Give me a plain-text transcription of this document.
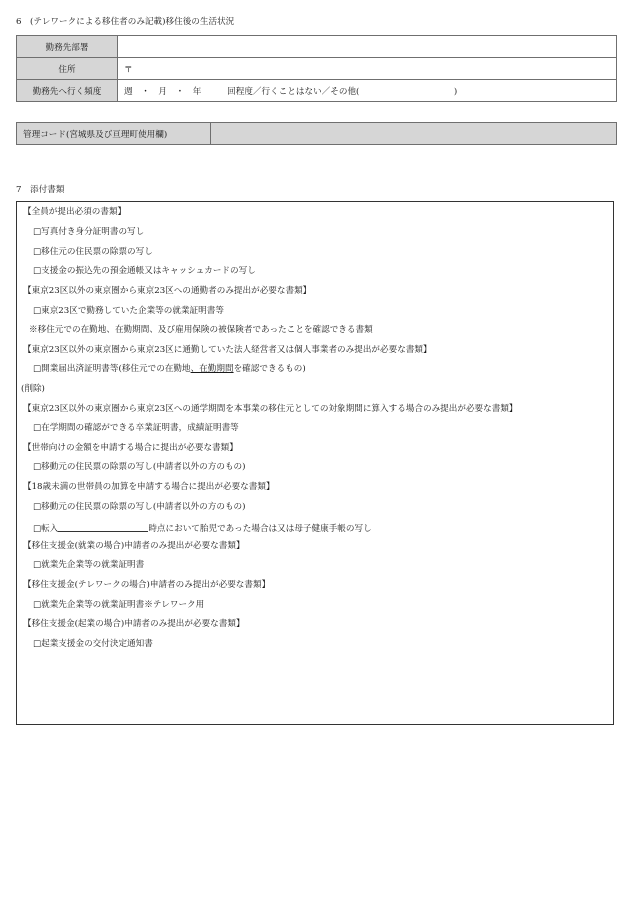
6　(テレワークによる移住者のみ記載)移住後の生活状況
勤務先部署	
住所	〒
勤務先へ行く頻度	週　・　月　・　年　　　回程度／行くことはない／その他(　　　　　　　　　　　)
管理コード(宮城県及び亘理町使用欄)	
7　添付書類
【全員が提出必須の書類】
□写真付き身分証明書の写し
□移住元の住民票の除票の写し
□支援金の振込先の預金通帳又はキャッシュカードの写し
【東京23区以外の東京圏から東京23区への通勤者のみ提出が必要な書類】
□東京23区で勤務していた企業等の就業証明書等
※移住元での在勤地、在勤期間、及び雇用保険の被保険者であったことを確認できる書類
【東京23区以外の東京圏から東京23区に通勤していた法人経営者又は個人事業者のみ提出が必要な書類】
□開業届出済証明書等(移住元での在勤地、在勤期間を確認できるもの)
(削除)
【東京23区以外の東京圏から東京23区への通学期間を本事業の移住元としての対象期間に算入する場合のみ提出が必要な書類】
□在学期間の確認ができる卒業証明書，成績証明書等
【世帯向けの金額を申請する場合に提出が必要な書類】
□移動元の住民票の除票の写し(申請者以外の方のもの)
【18歳未満の世帯員の加算を申請する場合に提出が必要な書類】
□移動元の住民票の除票の写し(申請者以外の方のもの)
□転入	時点において胎児であった場合は又は母子健康手帳の写し
【移住支援金(就業の場合)申請者のみ提出が必要な書類】
□就業先企業等の就業証明書
【移住支援金(テレワークの場合)申請者のみ提出が必要な書類】
□就業先企業等の就業証明書※テレワーク用
【移住支援金(起業の場合)申請者のみ提出が必要な書類】
□起業支援金の交付決定通知書
